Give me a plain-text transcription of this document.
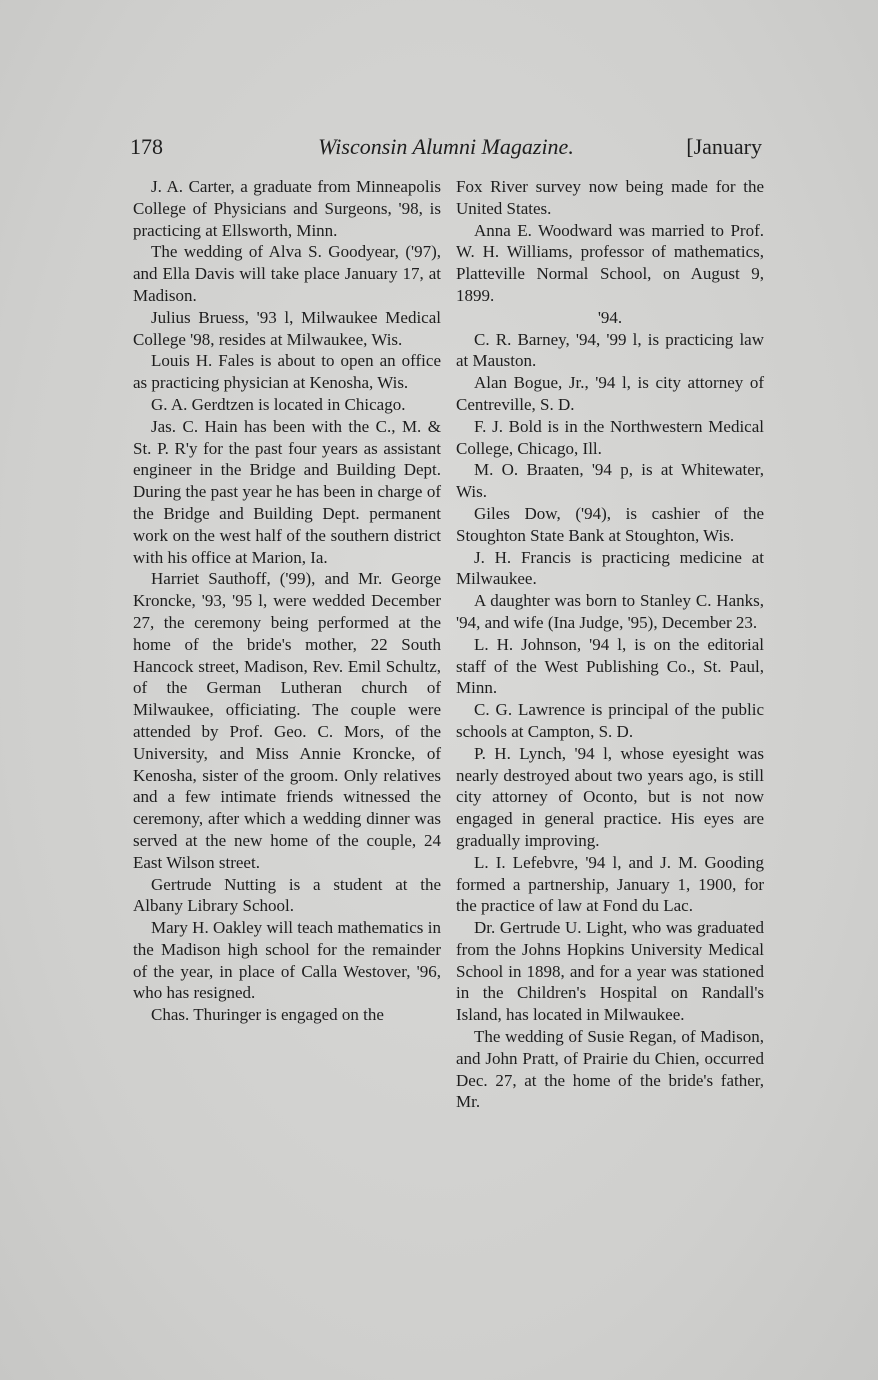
178	Wisconsin Alumni Magazine.	[January

J. A. Carter, a graduate from Minneapolis College of Physicians and Surgeons, '98, is practicing at Ellsworth, Minn.

The wedding of Alva S. Goodyear, ('97), and Ella Davis will take place January 17, at Madison.

Julius Bruess, '93 l, Milwaukee Medical College '98, resides at Milwaukee, Wis.

Louis H. Fales is about to open an office as practicing physician at Kenosha, Wis.

G. A. Gerdtzen is located in Chicago.

Jas. C. Hain has been with the C., M. & St. P. R'y for the past four years as assistant engineer in the Bridge and Building Dept. During the past year he has been in charge of the Bridge and Building Dept. permanent work on the west half of the southern district with his office at Marion, Ia.

Harriet Sauthoff, ('99), and Mr. George Kroncke, '93, '95 l, were wedded December 27, the ceremony being performed at the home of the bride's mother, 22 South Hancock street, Madison, Rev. Emil Schultz, of the German Lutheran church of Milwaukee, officiating. The couple were attended by Prof. Geo. C. Mors, of the University, and Miss Annie Kroncke, of Kenosha, sister of the groom. Only relatives and a few intimate friends witnessed the ceremony, after which a wedding dinner was served at the new home of the couple, 24 East Wilson street.

Gertrude Nutting is a student at the Albany Library School.

Mary H. Oakley will teach mathematics in the Madison high school for the remainder of the year, in place of Calla Westover, '96, who has resigned.

Chas. Thuringer is engaged on the

Fox River survey now being made for the United States.

Anna E. Woodward was married to Prof. W. H. Williams, professor of mathematics, Platteville Normal School, on August 9, 1899.

'94.

C. R. Barney, '94, '99 l, is practicing law at Mauston.

Alan Bogue, Jr., '94 l, is city attorney of Centreville, S. D.

F. J. Bold is in the Northwestern Medical College, Chicago, Ill.

M. O. Braaten, '94 p, is at Whitewater, Wis.

Giles Dow, ('94), is cashier of the Stoughton State Bank at Stoughton, Wis.

J. H. Francis is practicing medicine at Milwaukee.

A daughter was born to Stanley C. Hanks, '94, and wife (Ina Judge, '95), December 23.

L. H. Johnson, '94 l, is on the editorial staff of the West Publishing Co., St. Paul, Minn.

C. G. Lawrence is principal of the public schools at Campton, S. D.

P. H. Lynch, '94 l, whose eyesight was nearly destroyed about two years ago, is still city attorney of Oconto, but is not now engaged in general practice. His eyes are gradually improving.

L. I. Lefebvre, '94 l, and J. M. Gooding formed a partnership, January 1, 1900, for the practice of law at Fond du Lac.

Dr. Gertrude U. Light, who was graduated from the Johns Hopkins University Medical School in 1898, and for a year was stationed in the Children's Hospital on Randall's Island, has located in Milwaukee.

The wedding of Susie Regan, of Madison, and John Pratt, of Prairie du Chien, occurred Dec. 27, at the home of the bride's father, Mr.
